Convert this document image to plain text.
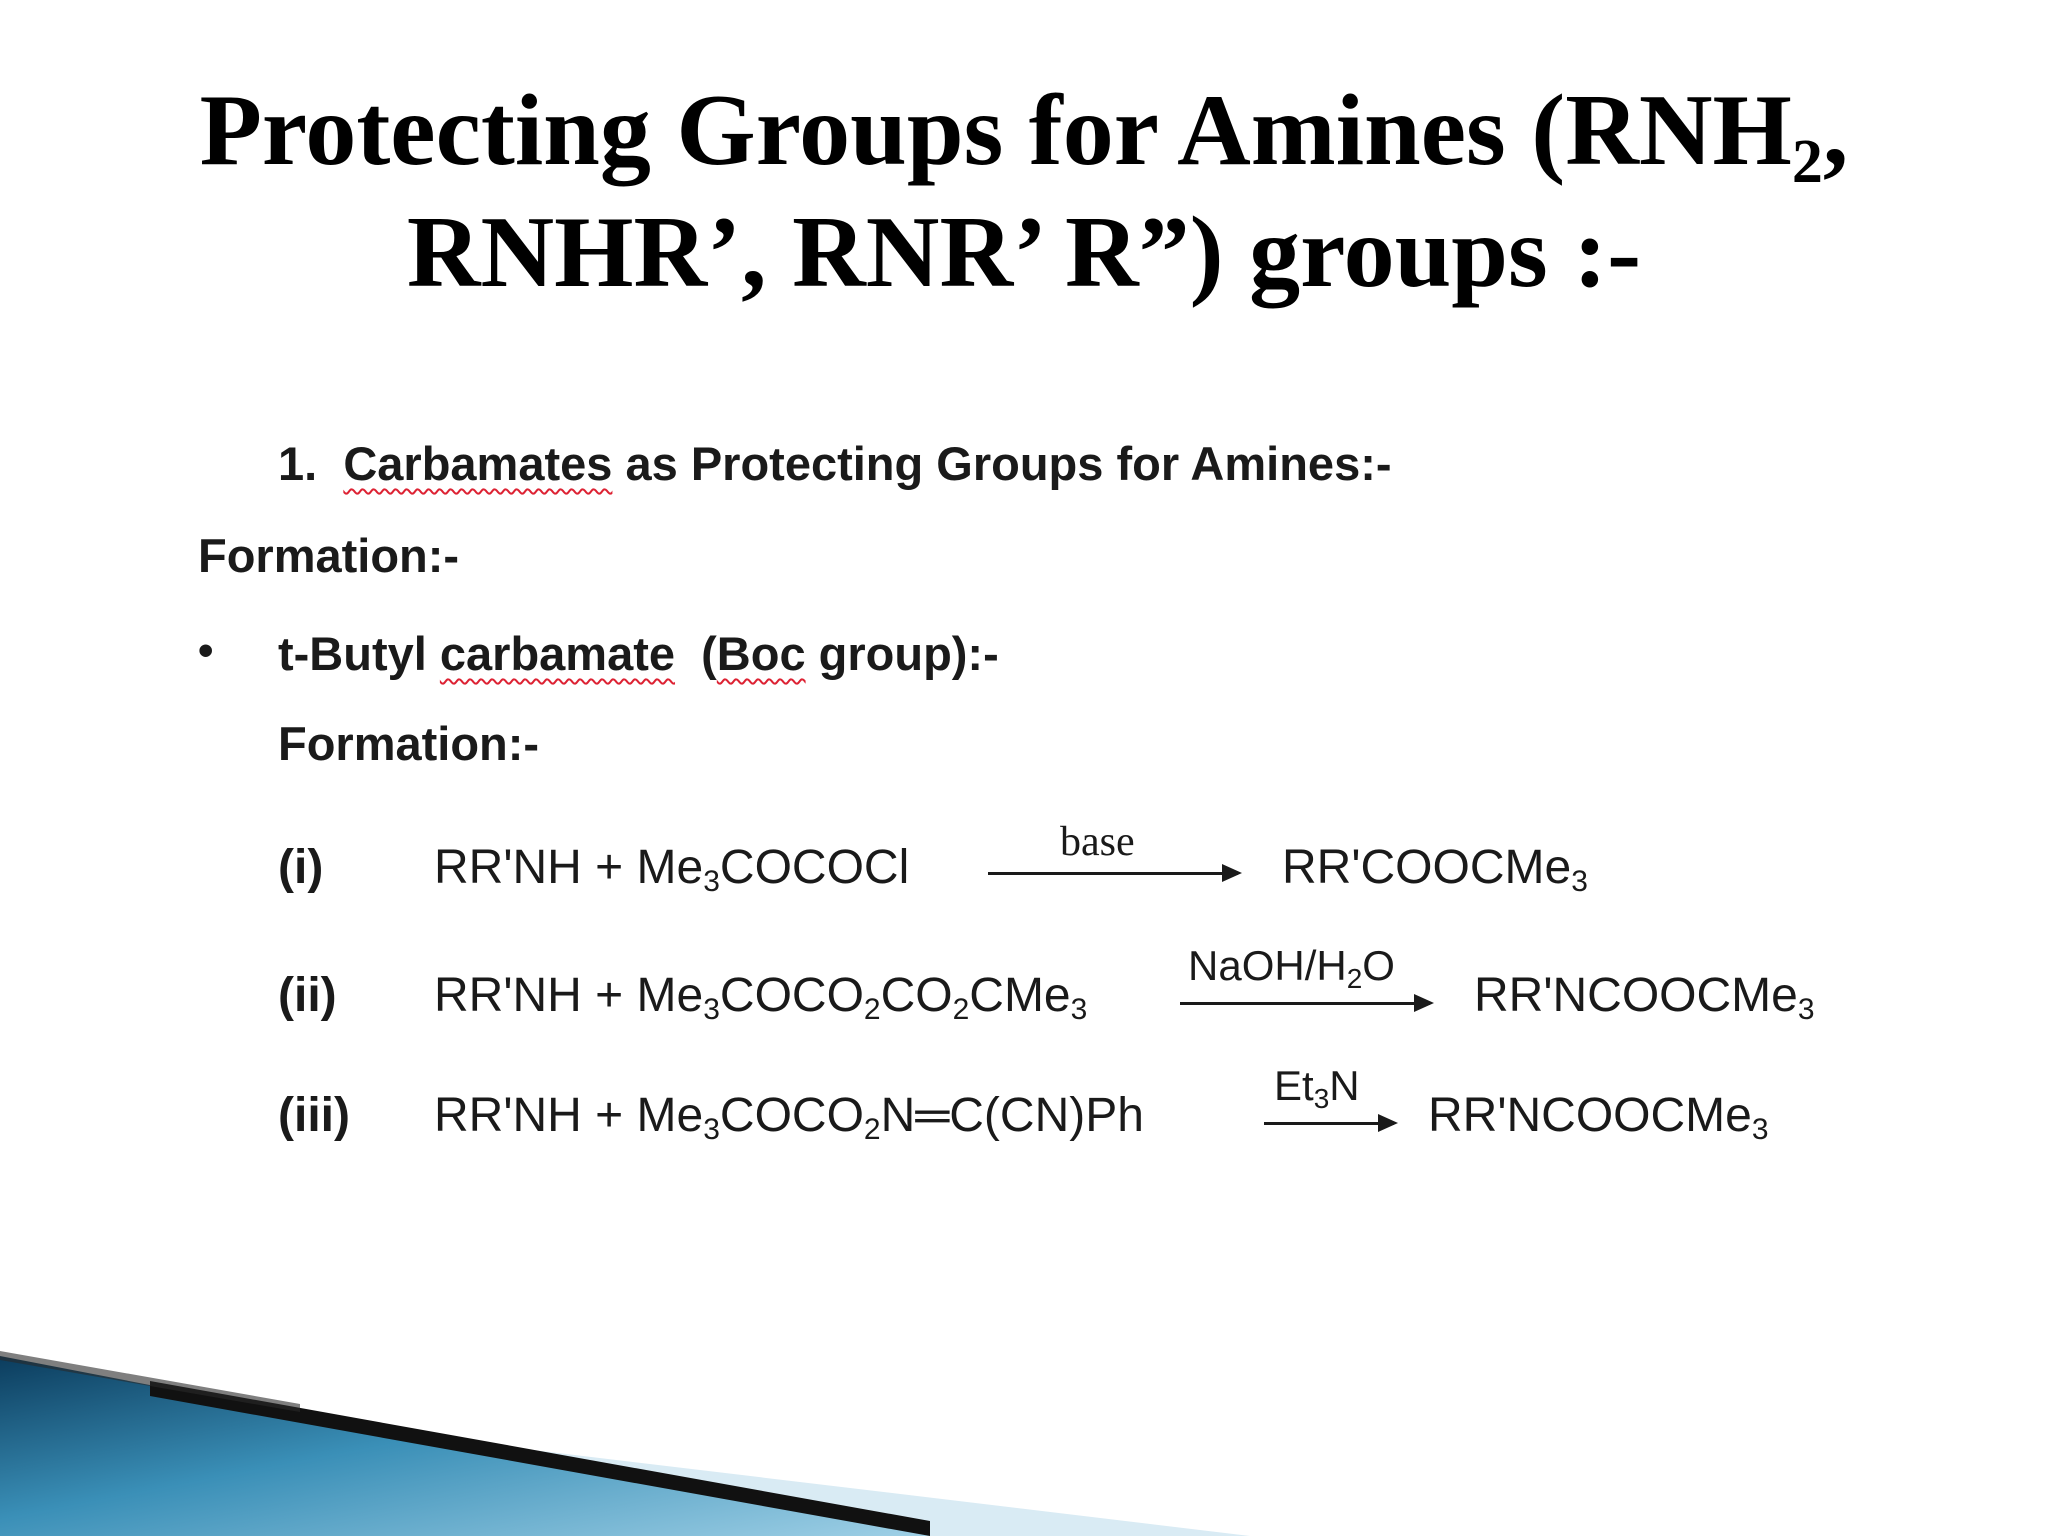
Protecting Groups for Amines ($RNH_2$,
RNHR’, RNR’ R”) groups :-
1. Carbamates as Protecting Groups for Amines:-
Formation:-
• t-Butyl carbamate (Boc group):-
Formation:-
(i) $RR'NH + Me_3COCOCl$	base	RR'COOCMe$_3$
(ii) $RR'NH + Me_3COCO_2CO_2CMe_3$
NaOH/$H_2O$
RR'NCOOCMe$_3$
(iii) $RR'NH + Me_3COCO_2N═C(CN)Ph$
$Et_3N$
RR'NCOOCMe$_3$
